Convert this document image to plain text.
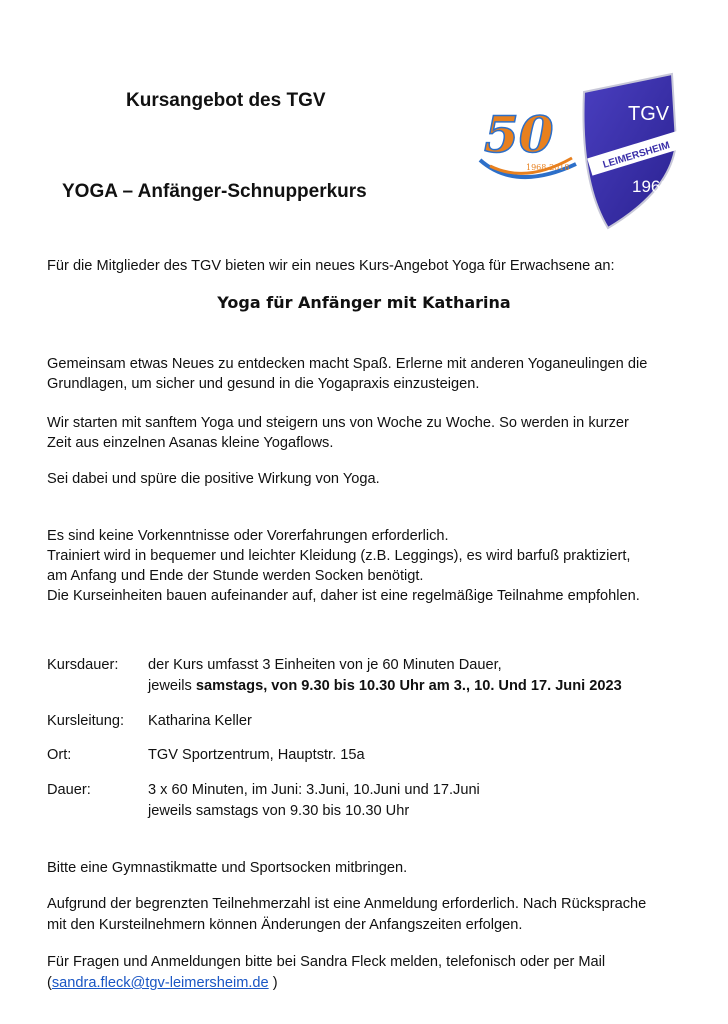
Kursangebot des TGV
YOGA – Anfänger-Schnupperkurs
TGV
LEIMERSHEIM
1968
50
1968-2018
Für die Mitglieder des TGV bieten wir ein neues Kurs-Angebot Yoga für Erwachsene an:
Yoga für Anfänger mit Katharina
Gemeinsam etwas Neues zu entdecken macht Spaß. Erlerne mit anderen Yoganeulingen die
Grundlagen, um sicher und gesund in die Yogapraxis einzusteigen.
Wir starten mit sanftem Yoga und steigern uns von Woche zu Woche. So werden in kurzer
Zeit aus einzelnen Asanas kleine Yogaflows.
Sei dabei und spüre die positive Wirkung von Yoga.
Es sind keine Vorkenntnisse oder Vorerfahrungen erforderlich.
Trainiert wird in bequemer und leichter Kleidung (z.B. Leggings), es wird barfuß praktiziert,
am Anfang und Ende der Stunde werden Socken benötigt.
Die Kurseinheiten bauen aufeinander auf, daher ist eine regelmäßige Teilnahme empfohlen.
Kursdauer: der Kurs umfasst 3 Einheiten von je 60 Minuten Dauer,
jeweils samstags, von 9.30 bis 10.30 Uhr am 3., 10. Und 17. Juni 2023
Kursleitung: Katharina Keller
Ort:	TGV Sportzentrum, Hauptstr. 15a
Dauer:	3 x 60 Minuten, im Juni: 3.Juni, 10.Juni und 17.Juni
jeweils samstags von 9.30 bis 10.30 Uhr
Bitte eine Gymnastikmatte und Sportsocken mitbringen.
Aufgrund der begrenzten Teilnehmerzahl ist eine Anmeldung erforderlich. Nach Rücksprache
mit den Kursteilnehmern können Änderungen der Anfangszeiten erfolgen.
Für Fragen und Anmeldungen bitte bei Sandra Fleck melden, telefonisch oder per Mail
(sandra.fleck@tgv-leimersheim.de )
